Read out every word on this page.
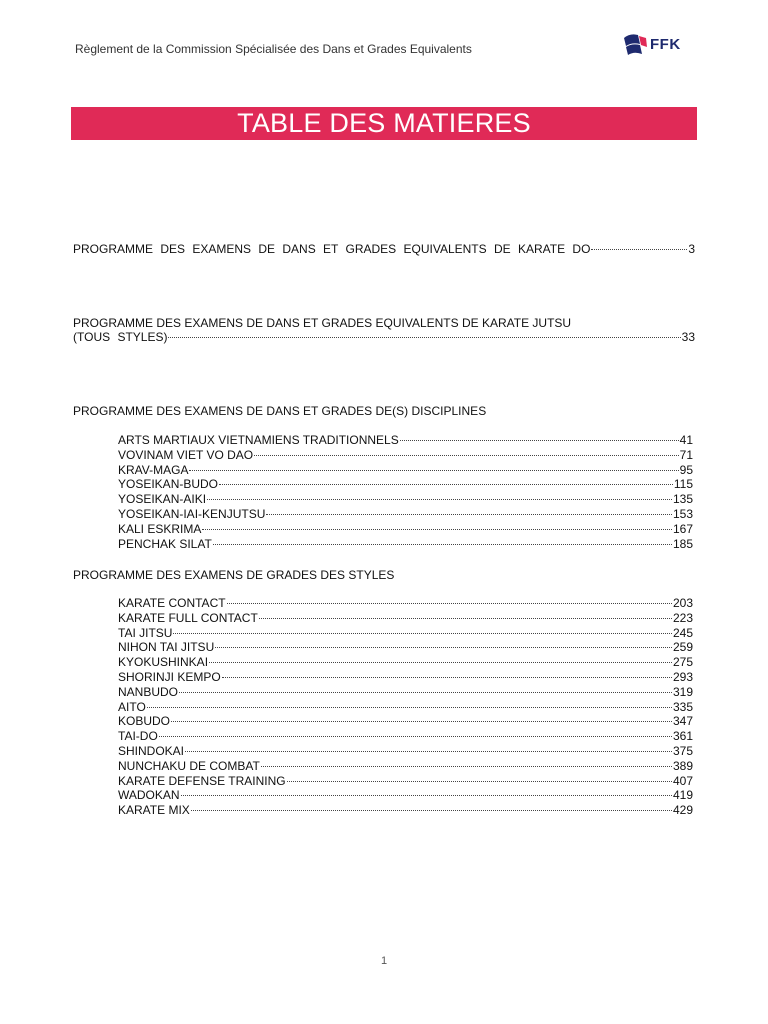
Règlement de la Commission Spécialisée des Dans et Grades Equivalents	FFK
TABLE DES MATIERES
PROGRAMME DES EXAMENS DE DANS ET GRADES EQUIVALENTS DE KARATE DO	3
PROGRAMME DES EXAMENS DE DANS ET GRADES EQUIVALENTS DE KARATE JUTSU
(TOUS STYLES)	33
PROGRAMME DES EXAMENS DE DANS ET GRADES DE(S) DISCIPLINES
ARTS MARTIAUX VIETNAMIENS TRADITIONNELS	41
VOVINAM VIET VO DAO	71
KRAV-MAGA	95
YOSEIKAN-BUDO	115
YOSEIKAN-AIKI	135
YOSEIKAN-IAI-KENJUTSU	153
KALI ESKRIMA	167
PENCHAK SILAT	185
PROGRAMME DES EXAMENS DE GRADES DES STYLES
KARATE CONTACT	203
KARATE FULL CONTACT	223
TAI JITSU	245
NIHON TAI JITSU	259
KYOKUSHINKAI	275
SHORINJI KEMPO	293
NANBUDO	319
AITO	335
KOBUDO	347
TAI-DO	361
SHINDOKAI	375
NUNCHAKU DE COMBAT	389
KARATE DEFENSE TRAINING	407
WADOKAN	419
KARATE MIX	429
1
